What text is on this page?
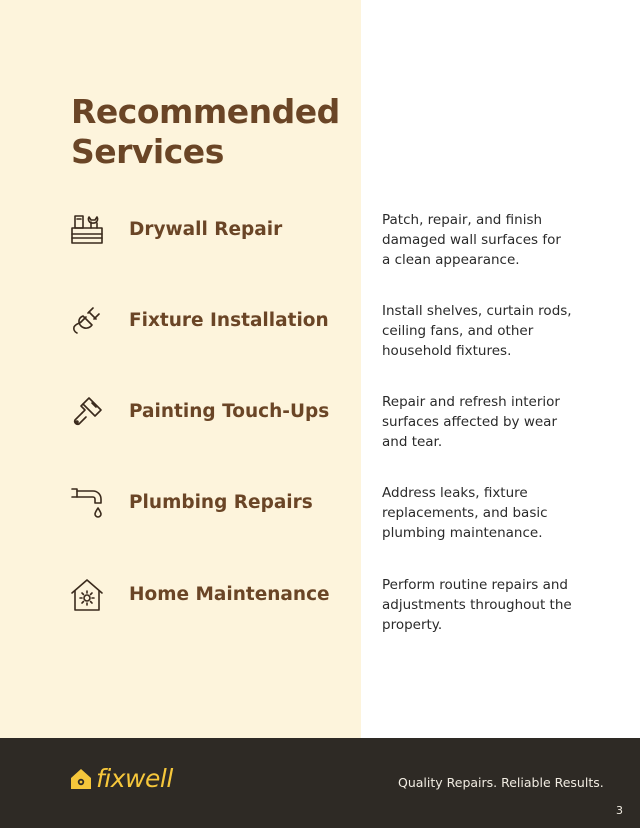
Recommended
Services
Drywall Repair	Patch, repair, and finish damaged wall surfaces for a clean appearance.
Fixture Installation	Install shelves, curtain rods, ceiling fans, and other household fixtures.
Painting Touch-Ups	Repair and refresh interior surfaces affected by wear and tear.
Plumbing Repairs	Address leaks, fixture replacements, and basic plumbing maintenance.
Home Maintenance	Perform routine repairs and adjustments throughout the property.
fixwell	Quality Repairs. Reliable Results.
3
